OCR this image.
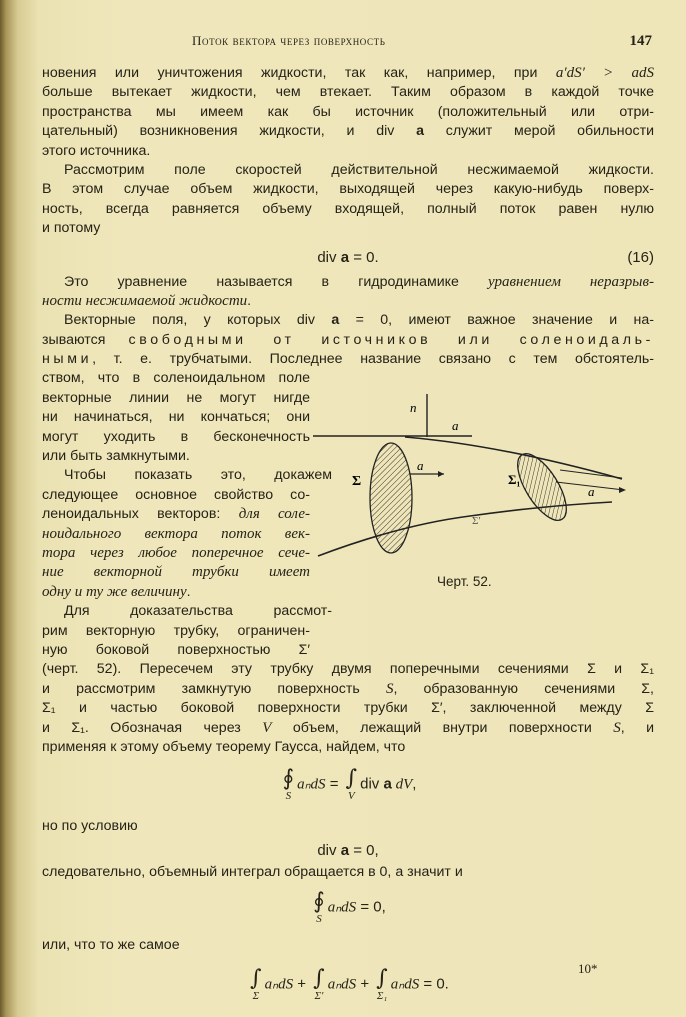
Поток вектора через поверхность	147
новения или уничтожения жидкости, так как, например, при a′dS′ > adS
больше вытекает жидкости, чем втекает. Таким образом в каждой точке
пространства мы имеем как бы источник (положительный или отри-
цательный) возникновения жидкости, и div a служит мерой обильности
этого источника.
Рассмотрим поле скоростей действительной несжимаемой жидкости.
В этом случае объем жидкости, выходящей через какую-нибудь поверх-
ность, всегда равняется объему входящей, полный поток равен нулю
и потому
div a = 0.	(16)
Это уравнение называется в гидродинамике уравнением неразрыв-
ности несжимаемой жидкости.
Векторные поля, у которых div a = 0, имеют важное значение и на-
зываются свободными от источников или соленоидаль-
ными, т. е. трубчатыми. Последнее название связано с тем обстоятель-
ством, что в соленоидальном поле
векторные линии не могут нигде
ни начинаться, ни кончаться; они
могут уходить в бесконечность
или быть замкнутыми.
Чтобы показать это, докажем
следующее основное свойство со-
леноидальных векторов: для соле-
ноидального вектора поток век-
тора через любое поперечное сече-
ние векторной трубки имеет
одну и ту же величину.
Для доказательства рассмот-
рим векторную трубку, ограничен-
ную боковой поверхностью Σ′
(черт. 52). Пересечем эту трубку двумя поперечными сечениями Σ и Σ₁
и рассмотрим замкнутую поверхность S, образованную сечениями Σ,
Σ₁ и частью боковой поверхности трубки Σ′, заключенной между Σ
и Σ₁. Обозначая через V объем, лежащий внутри поверхности S, и
применяя к этому объему теорему Гаусса, найдем, что
∮
S
aₙdS = ∫
V
div a dV,
но по условию
div a = 0,
следовательно, объемный интеграл обращается в 0, а значит и
∮
S
aₙdS = 0,
или, что то же самое
∫
Σ
aₙdS + ∫
Σ′
aₙdS + ∫
Σ₁
aₙdS = 0.
n
a
Σ
a
Σ₁
a
Σ′
Черт. 52.
10*
